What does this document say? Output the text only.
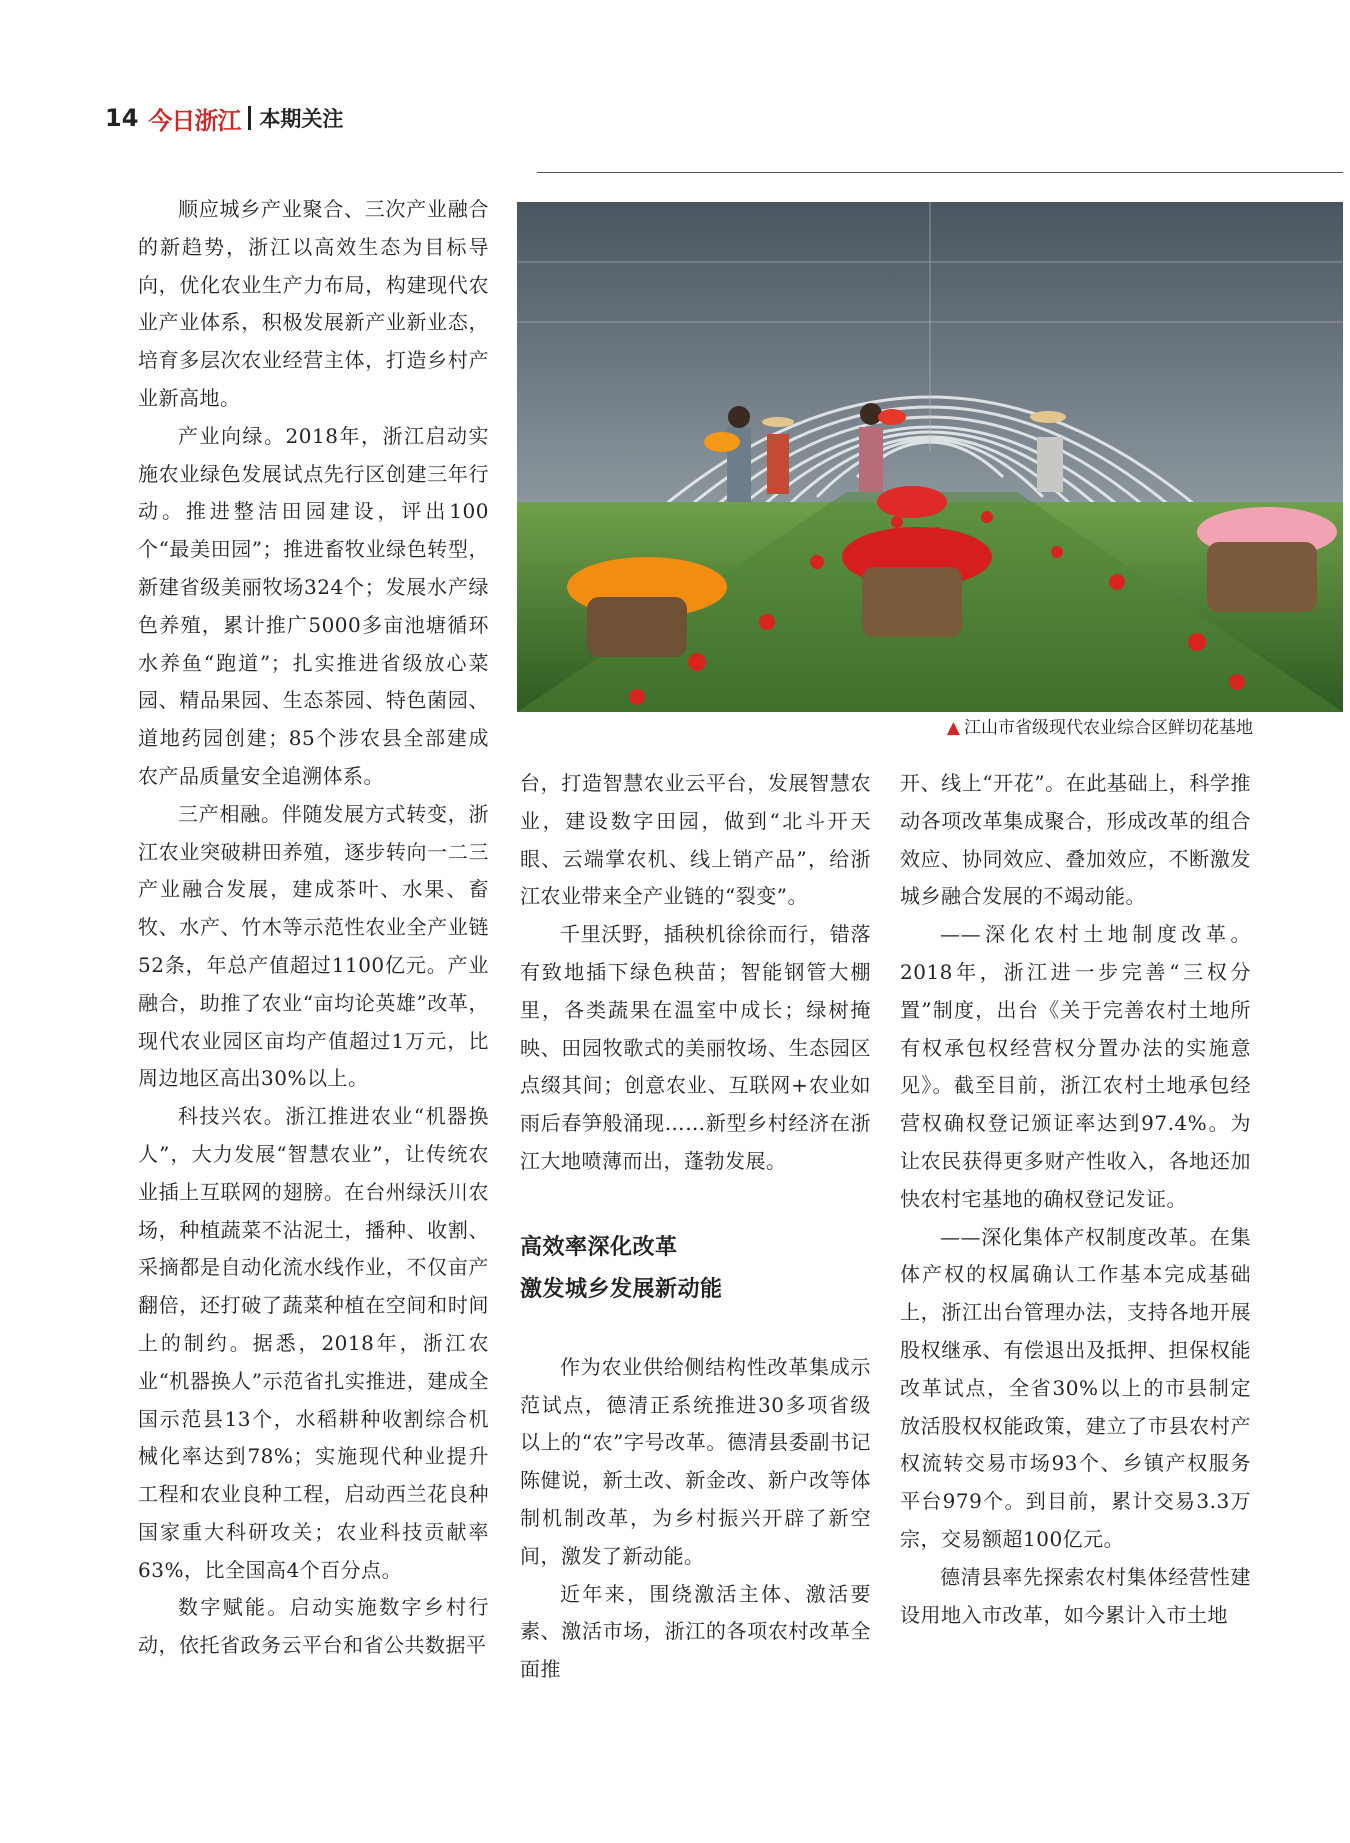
14 今日浙江 本期关注
▲ 江山市省级现代农业综合区鲜切花基地

顺应城乡产业聚合、三次产业融合的新趋势，浙江以高效生态为目标导向，优化农业生产力布局，构建现代农业产业体系，积极发展新产业新业态，培育多层次农业经营主体，打造乡村产业新高地。

产业向绿。2018年，浙江启动实施农业绿色发展试点先行区创建三年行动。推进整洁田园建设，评出100个“最美田园”；推进畜牧业绿色转型，新建省级美丽牧场324个；发展水产绿色养殖，累计推广5000多亩池塘循环水养鱼“跑道”；扎实推进省级放心菜园、精品果园、生态茶园、特色菌园、道地药园创建；85个涉农县全部建成农产品质量安全追溯体系。

三产相融。伴随发展方式转变，浙江农业突破耕田养殖，逐步转向一二三产业融合发展，建成茶叶、水果、畜牧、水产、竹木等示范性农业全产业链52条，年总产值超过1100亿元。产业融合，助推了农业“亩均论英雄”改革，现代农业园区亩均产值超过1万元，比周边地区高出30%以上。

科技兴农。浙江推进农业“机器换人”，大力发展“智慧农业”，让传统农业插上互联网的翅膀。在台州绿沃川农场，种植蔬菜不沾泥土，播种、收割、采摘都是自动化流水线作业，不仅亩产翻倍，还打破了蔬菜种植在空间和时间上的制约。据悉，2018年，浙江农业“机器换人”示范省扎实推进，建成全国示范县13个，水稻耕种收割综合机械化率达到78%；实施现代种业提升工程和农业良种工程，启动西兰花良种国家重大科研攻关；农业科技贡献率63%，比全国高4个百分点。

数字赋能。启动实施数字乡村行动，依托省政务云平台和省公共数据平

台，打造智慧农业云平台，发展智慧农业，建设数字田园，做到“北斗开天眼、云端掌农机、线上销产品”，给浙江农业带来全产业链的“裂变”。

千里沃野，插秧机徐徐而行，错落有致地插下绿色秧苗；智能钢管大棚里，各类蔬果在温室中成长；绿树掩映、田园牧歌式的美丽牧场、生态园区点缀其间；创意农业、互联网+农业如雨后春笋般涌现……新型乡村经济在浙江大地喷薄而出，蓬勃发展。

高效率深化改革
激发城乡发展新动能

作为农业供给侧结构性改革集成示范试点，德清正系统推进30多项省级以上的“农”字号改革。德清县委副书记陈健说，新土改、新金改、新户改等体制机制改革，为乡村振兴开辟了新空间，激发了新动能。

近年来，围绕激活主体、激活要素、激活市场，浙江的各项农村改革全面推

开、线上“开花”。在此基础上，科学推动各项改革集成聚合，形成改革的组合效应、协同效应、叠加效应，不断激发城乡融合发展的不竭动能。

——深化农村土地制度改革。2018年，浙江进一步完善“三权分置”制度，出台《关于完善农村土地所有权承包权经营权分置办法的实施意见》。截至目前，浙江农村土地承包经营权确权登记颁证率达到97.4%。为让农民获得更多财产性收入，各地还加快农村宅基地的确权登记发证。

——深化集体产权制度改革。在集体产权的权属确认工作基本完成基础上，浙江出台管理办法，支持各地开展股权继承、有偿退出及抵押、担保权能改革试点，全省30%以上的市县制定放活股权权能政策，建立了市县农村产权流转交易市场93个、乡镇产权服务平台979个。到目前，累计交易3.3万宗，交易额超100亿元。

德清县率先探索农村集体经营性建设用地入市改革，如今累计入市土地
